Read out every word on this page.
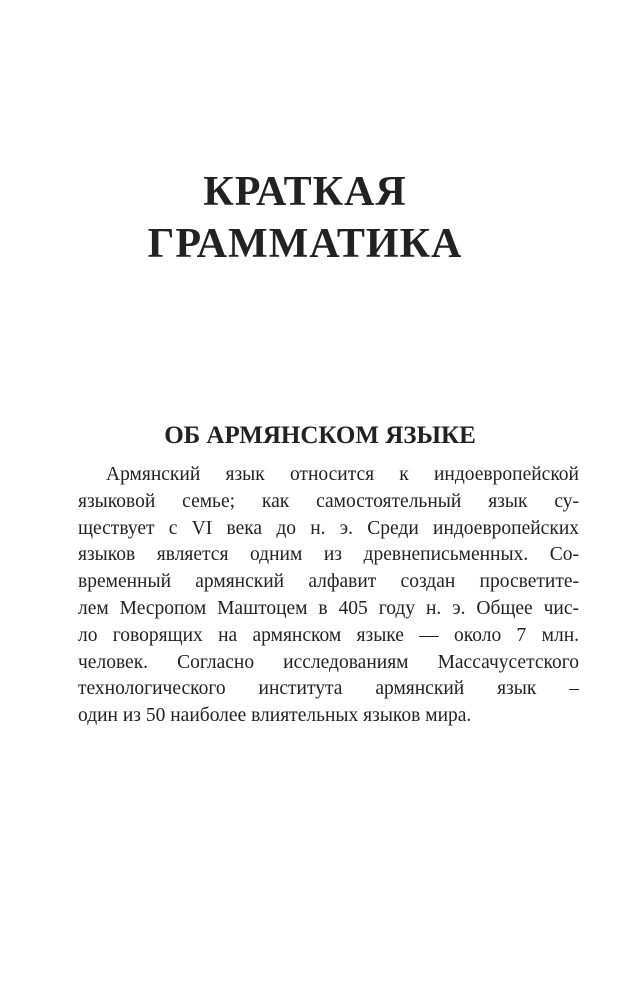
КРАТКАЯ
ГРАММАТИКА
ОБ АРМЯНСКОМ ЯЗЫКЕ
Армянский язык относится к индоевропейской
языковой семье; как самостоятельный язык су-
ществует с VI века до н. э. Среди индоевропейских
языков является одним из древнеписьменных. Со-
временный армянский алфавит создан просветите-
лем Месропом Маштоцем в 405 году н. э. Общее чис-
ло говорящих на армянском языке — около 7 млн.
человек. Согласно исследованиям Массачусетского
технологического института армянский язык –
один из 50 наиболее влиятельных языков мира.
